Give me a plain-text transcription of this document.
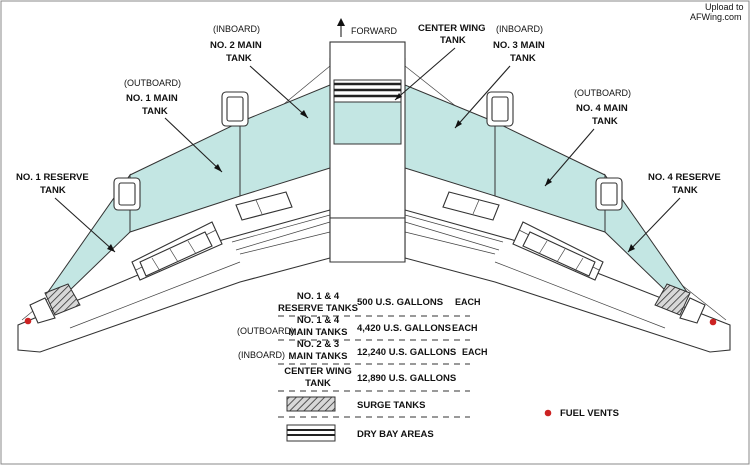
Upload to
AFWing.com
FORWARD CENTER WING
TANK
(INBOARD)
NO. 2 MAIN
TANK
(INBOARD)
NO. 3 MAIN
TANK
(OUTBOARD)
NO. 1 MAIN
TANK
(OUTBOARD)
NO. 4 MAIN
TANK
NO. 1 RESERVE
TANK
NO. 4 RESERVE
TANK
NO. 1 & 4
RESERVE TANKS
500 U.S. GALLONS EACH
NO. 1 & 4
(OUTBOARD)
MAIN TANKS 4,420 U.S. GALLONS EACH
NO. 2 & 3
(INBOARD) MAIN TANKS 12,240 U.S. GALLONS EACH
CENTER WING
TANK	12,890 U.S. GALLONS
SURGE TANKS
DRY BAY AREAS
FUEL VENTS
